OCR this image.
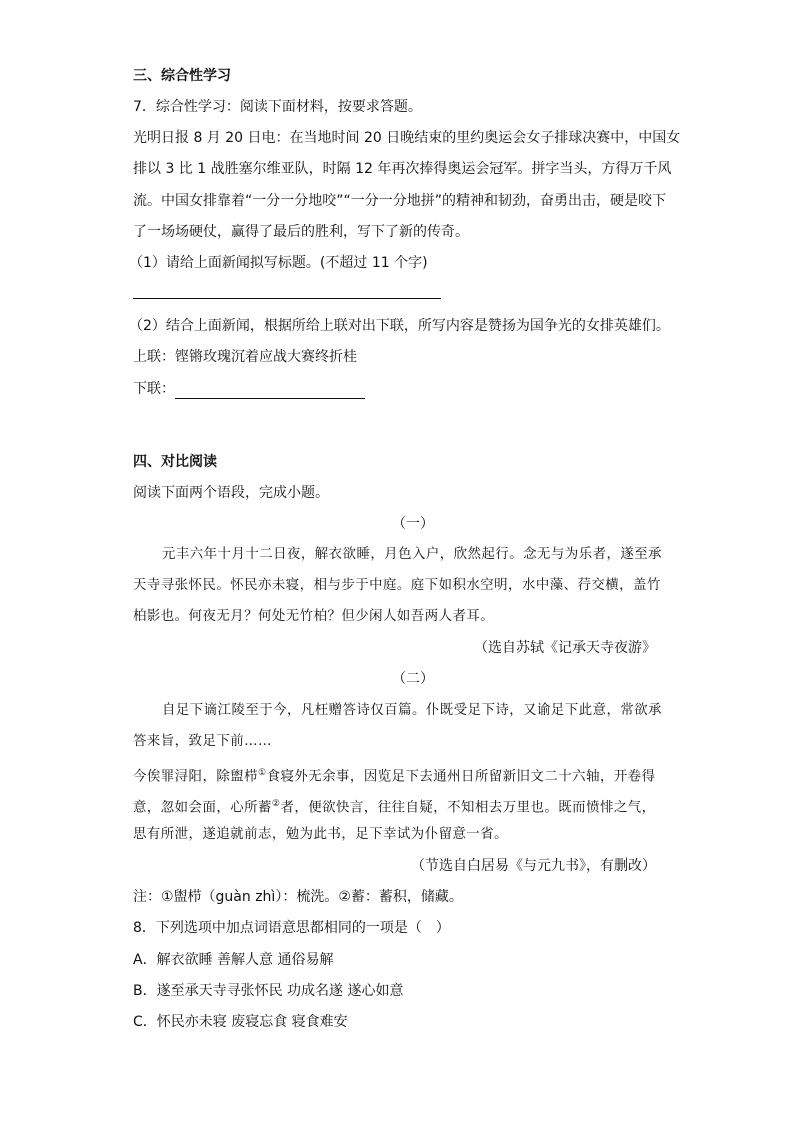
三、综合性学习
7．综合性学习：阅读下面材料，按要求答题。
光明日报 8 月 20 日电：在当地时间 20 日晚结束的里约奥运会女子排球决赛中，中国女
排以 3 比 1 战胜塞尔维亚队，时隔 12 年再次捧得奥运会冠军。拼字当头，方得万千风
流。中国女排靠着“一分一分地咬”“一分一分地拼”的精神和韧劲，奋勇出击，硬是咬下
了一场场硬仗，赢得了最后的胜利，写下了新的传奇。
（1）请给上面新闻拟写标题。(不超过 11 个字)
（2）结合上面新闻，根据所给上联对出下联，所写内容是赞扬为国争光的女排英雄们。
上联：铿锵玫瑰沉着应战大赛终折桂
下联：
四、对比阅读
阅读下面两个语段，完成小题。
（一）
元丰六年十月十二日夜，解衣欲睡，月色入户，欣然起行。念无与为乐者，遂至承
天寺寻张怀民。怀民亦未寝，相与步于中庭。庭下如积水空明，水中藻、荇交横，盖竹
柏影也。何夜无月？何处无竹柏？但少闲人如吾两人者耳。
（选自苏轼《记承天寺夜游》
（二）
自足下谪江陵至于今，凡枉赠答诗仅百篇。仆既受足下诗，又谕足下此意，常欲承
答来旨，致足下前……
今俟罪浔阳，除盥栉①食寝外无余事，因览足下去通州日所留新旧文二十六轴，开卷得
意，忽如会面，心所蓄②者，便欲快言，往往自疑，不知相去万里也。既而愤悱之气，
思有所泄，遂追就前志，勉为此书，足下幸试为仆留意一省。
（节选自白居易《与元九书》，有删改）
注：①盥栉（guàn zhì）：梳洗。②蓄：蓄积，储藏。
8．下列选项中加点词语意思都相同的一项是（　）
A．解衣欲睡 善解人意 通俗易解
B．遂至承天寺寻张怀民 功成名遂 遂心如意
C．怀民亦未寝 废寝忘食 寝食难安
